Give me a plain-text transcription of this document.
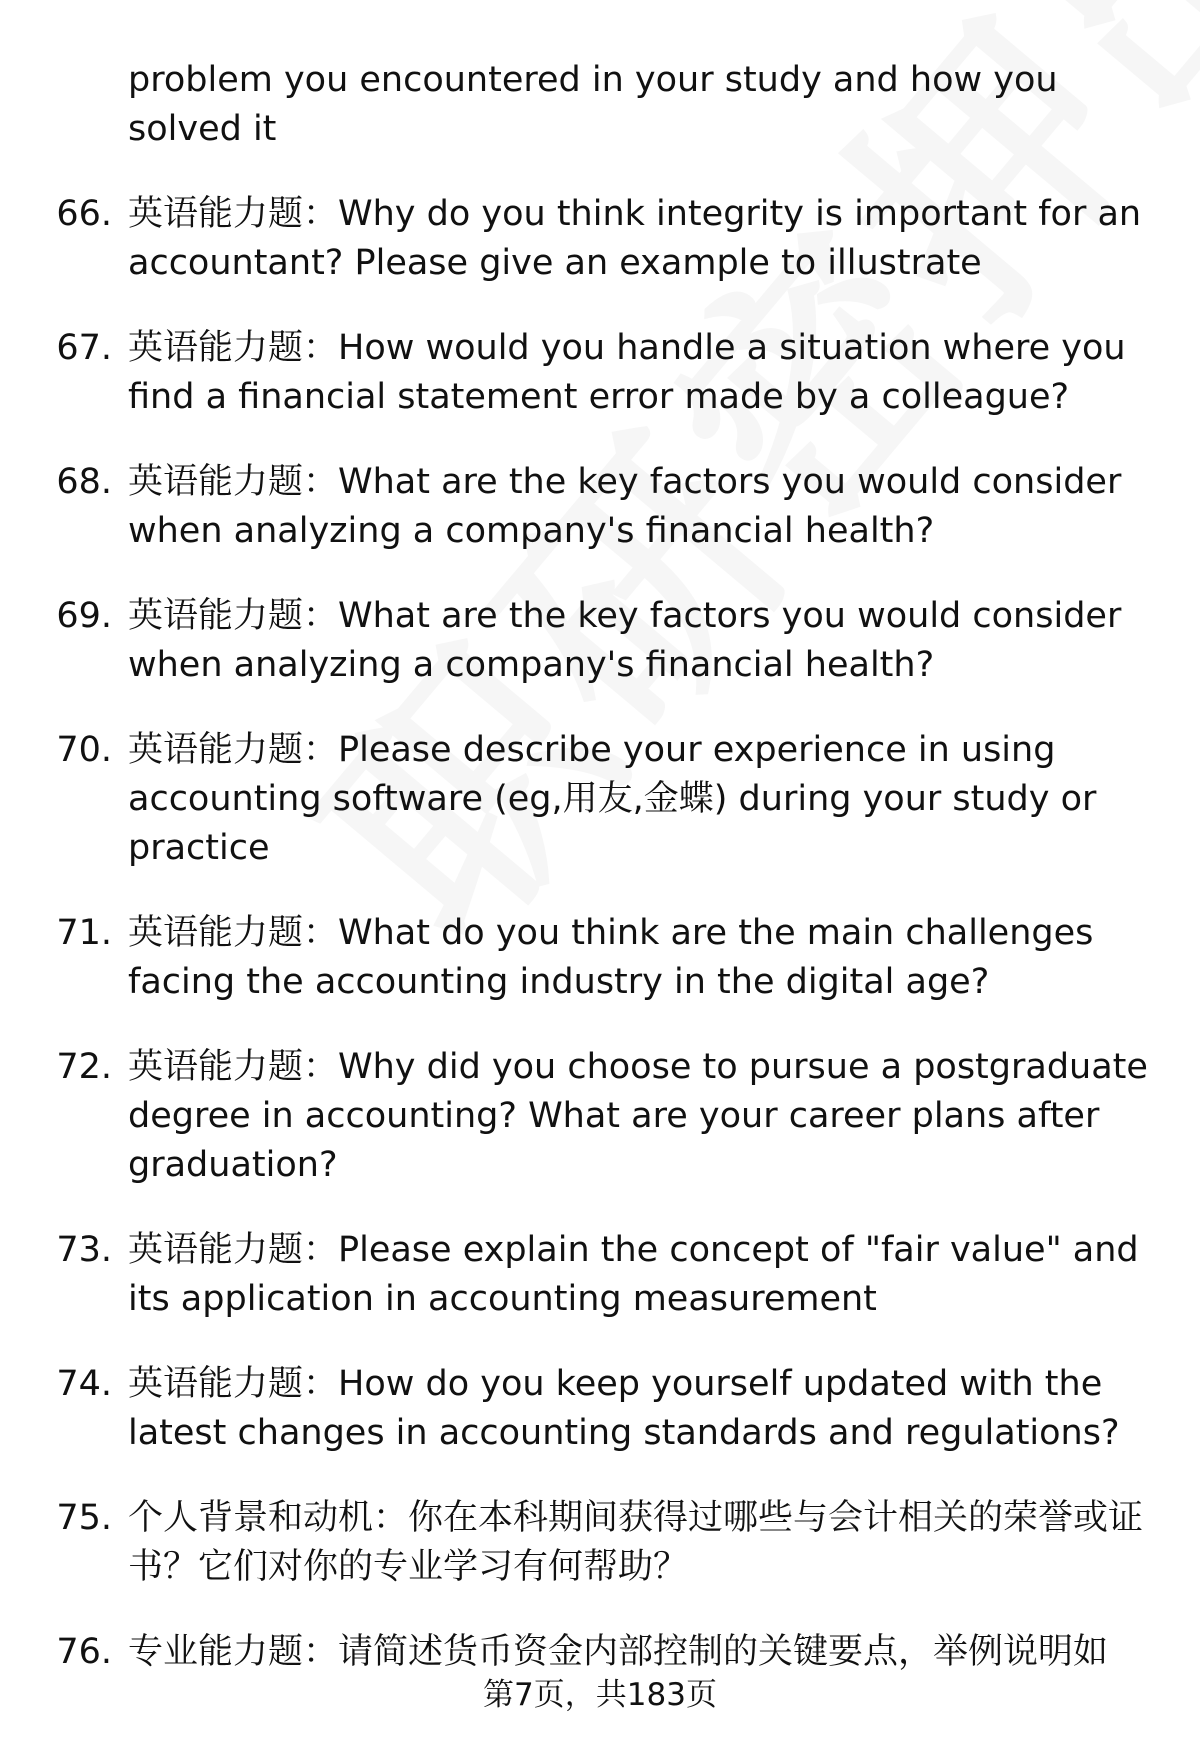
problem you encountered in your study and how you solved it
66. 英语能力题：Why do you think integrity is important for an accountant? Please give an example to illustrate
67. 英语能力题：How would you handle a situation where you find a financial statement error made by a colleague?
68. 英语能力题：What are the key factors you would consider when analyzing a company's financial health?
69. 英语能力题：What are the key factors you would consider when analyzing a company's financial health?
70. 英语能力题：Please describe your experience in using accounting software (eg,用友,金蝶) during your study or practice
71. 英语能力题：What do you think are the main challenges facing the accounting industry in the digital age?
72. 英语能力题：Why did you choose to pursue a postgraduate degree in accounting? What are your career plans after graduation?
73. 英语能力题：Please explain the concept of "fair value" and its application in accounting measurement
74. 英语能力题：How do you keep yourself updated with the latest changes in accounting standards and regulations?
75. 个人背景和动机：你在本科期间获得过哪些与会计相关的荣誉或证书？它们对你的专业学习有何帮助？
76. 专业能力题：请简述货币资金内部控制的关键要点，举例说明如
第7页，共183页
